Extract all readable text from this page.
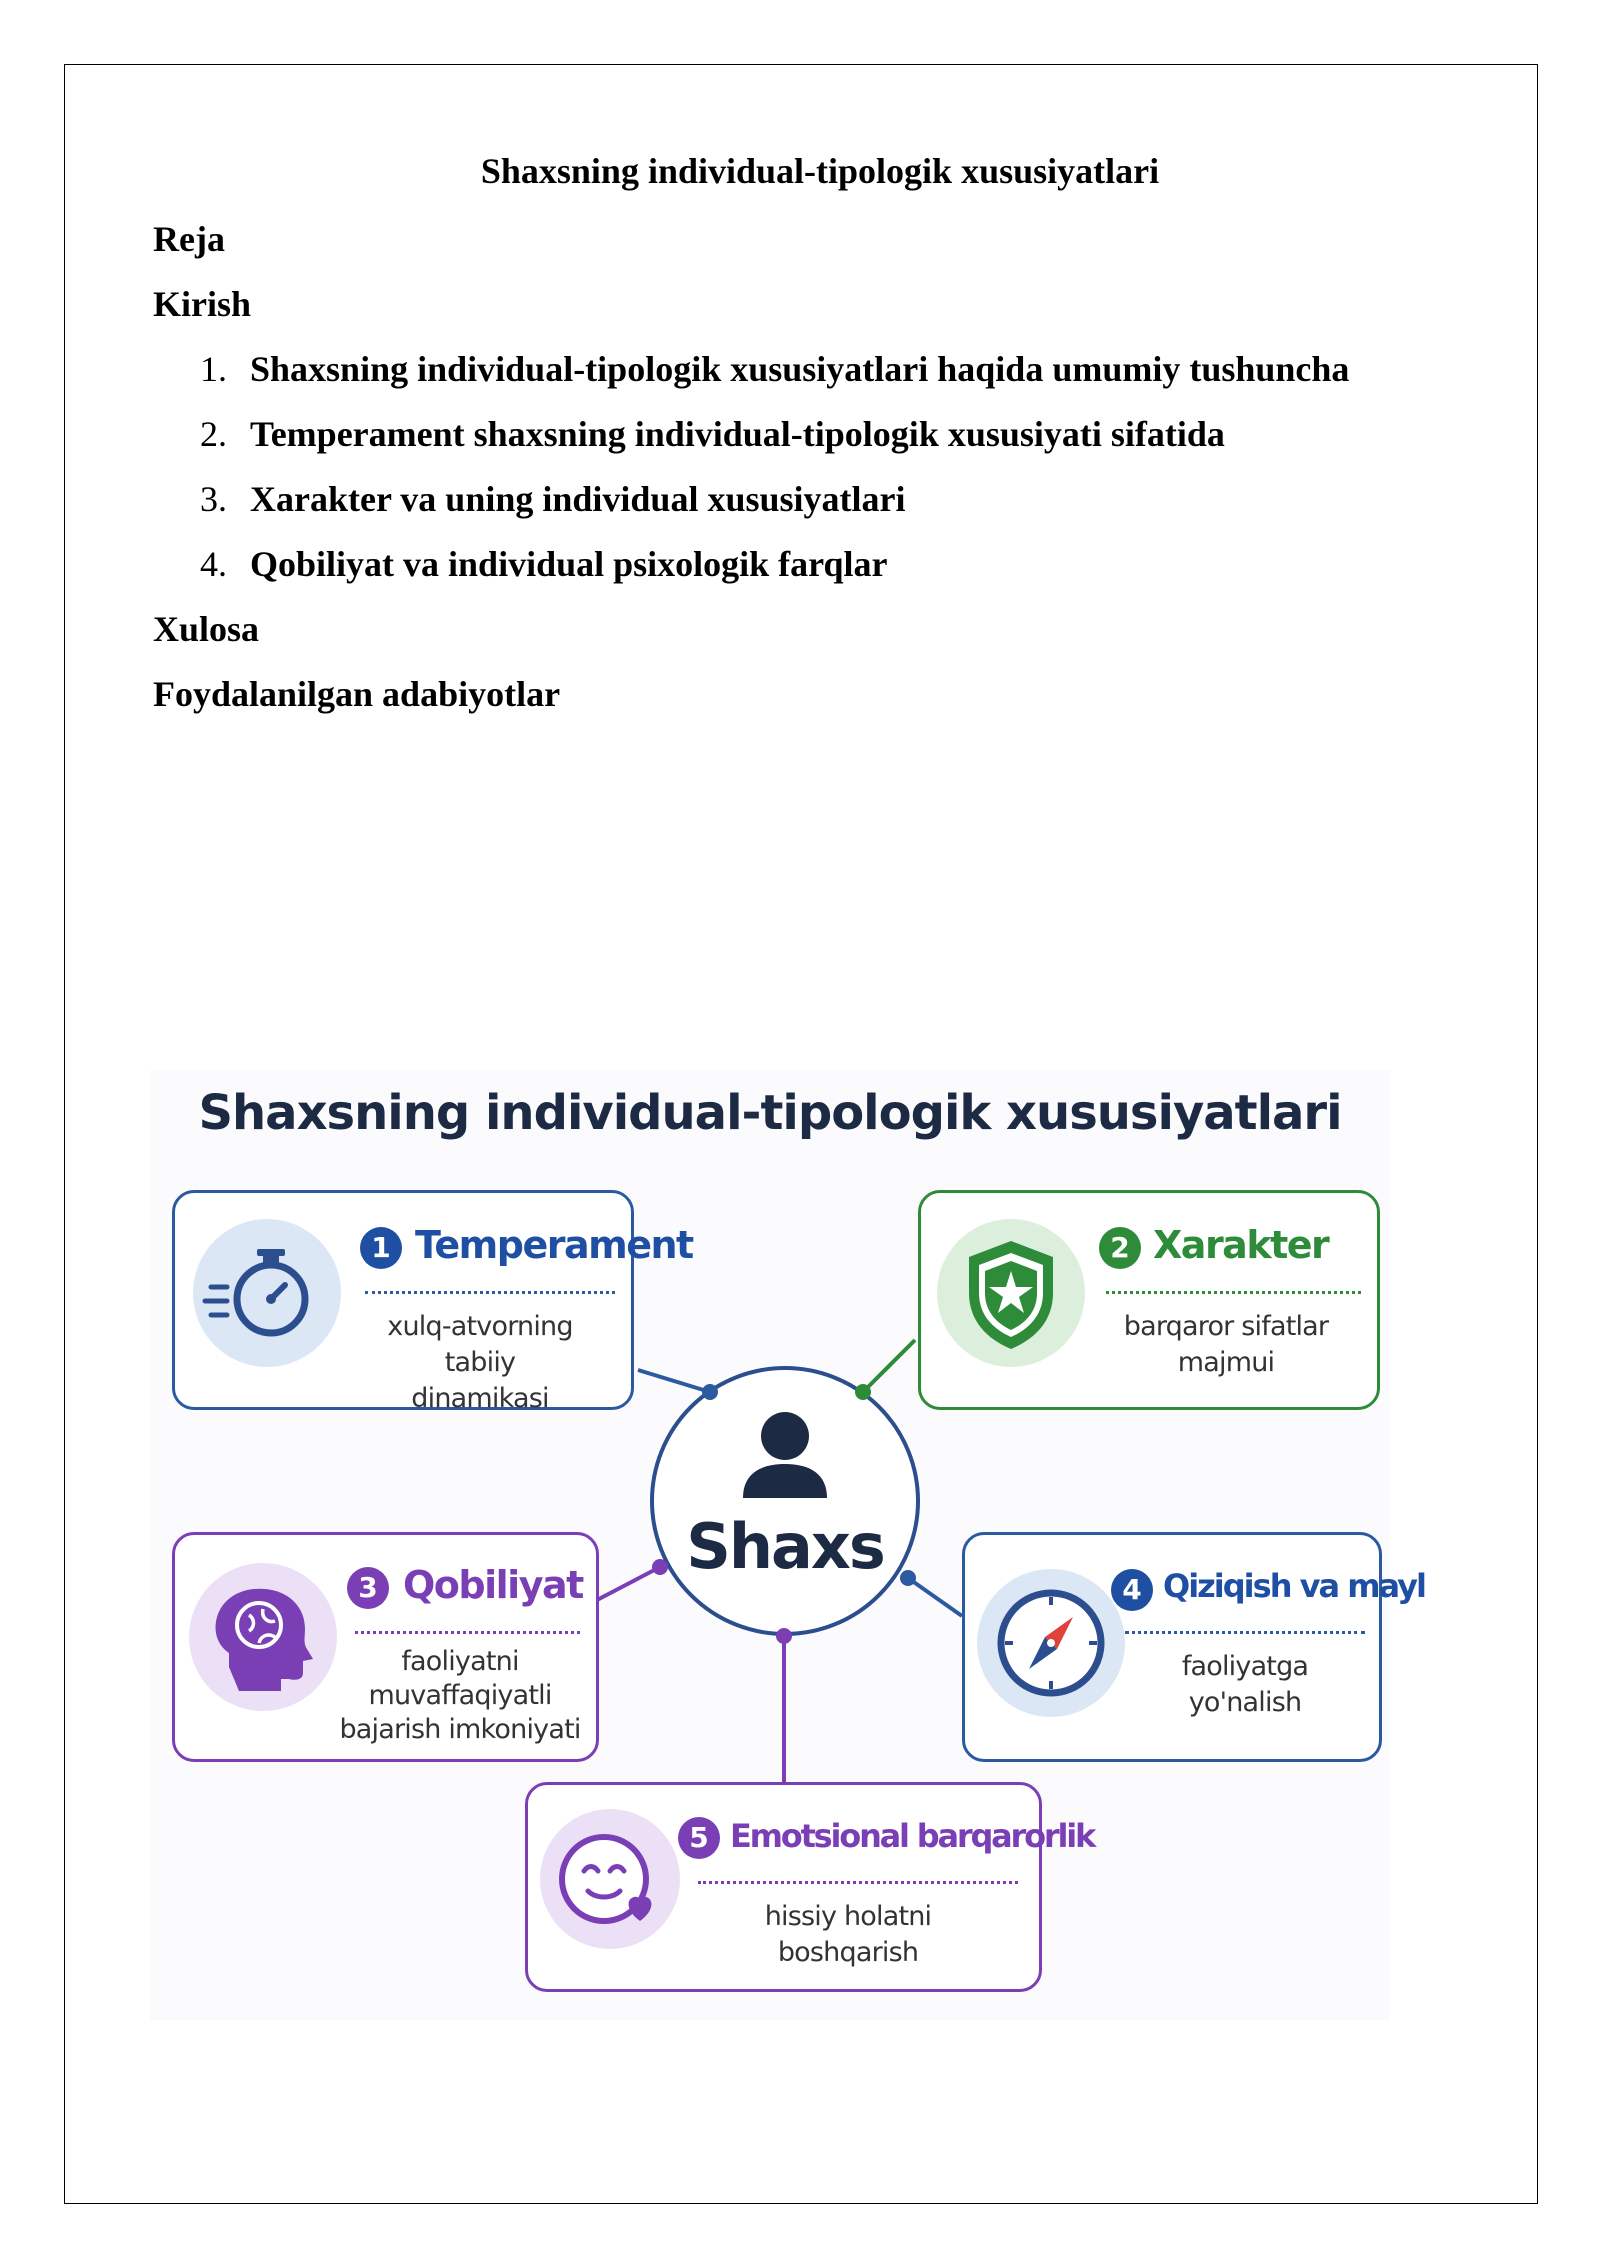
Shaxsning individual-tipologik xususiyatlari
Reja
Kirish
1. Shaxsning individual-tipologik xususiyatlari haqida umumiy tushuncha
2. Temperament shaxsning individual-tipologik xususiyati sifatida
3. Xarakter va uning individual xususiyatlari
4. Qobiliyat va individual psixologik farqlar
Xulosa
Foydalanilgan adabiyotlar
Shaxsning individual-tipologik xususiyatlari
1 Temperament
xulq-atvorning
tabiiy dinamikasi
2 Xarakter
barqaror sifatlar
majmui
3 Qobiliyat
faoliyatni
muvaffaqiyatli
bajarish imkoniyati
4 Qiziqish va mayl
faoliyatga
yo'nalish
5 Emotsional barqarorlik
hissiy holatni
boshqarish
Shaxs
